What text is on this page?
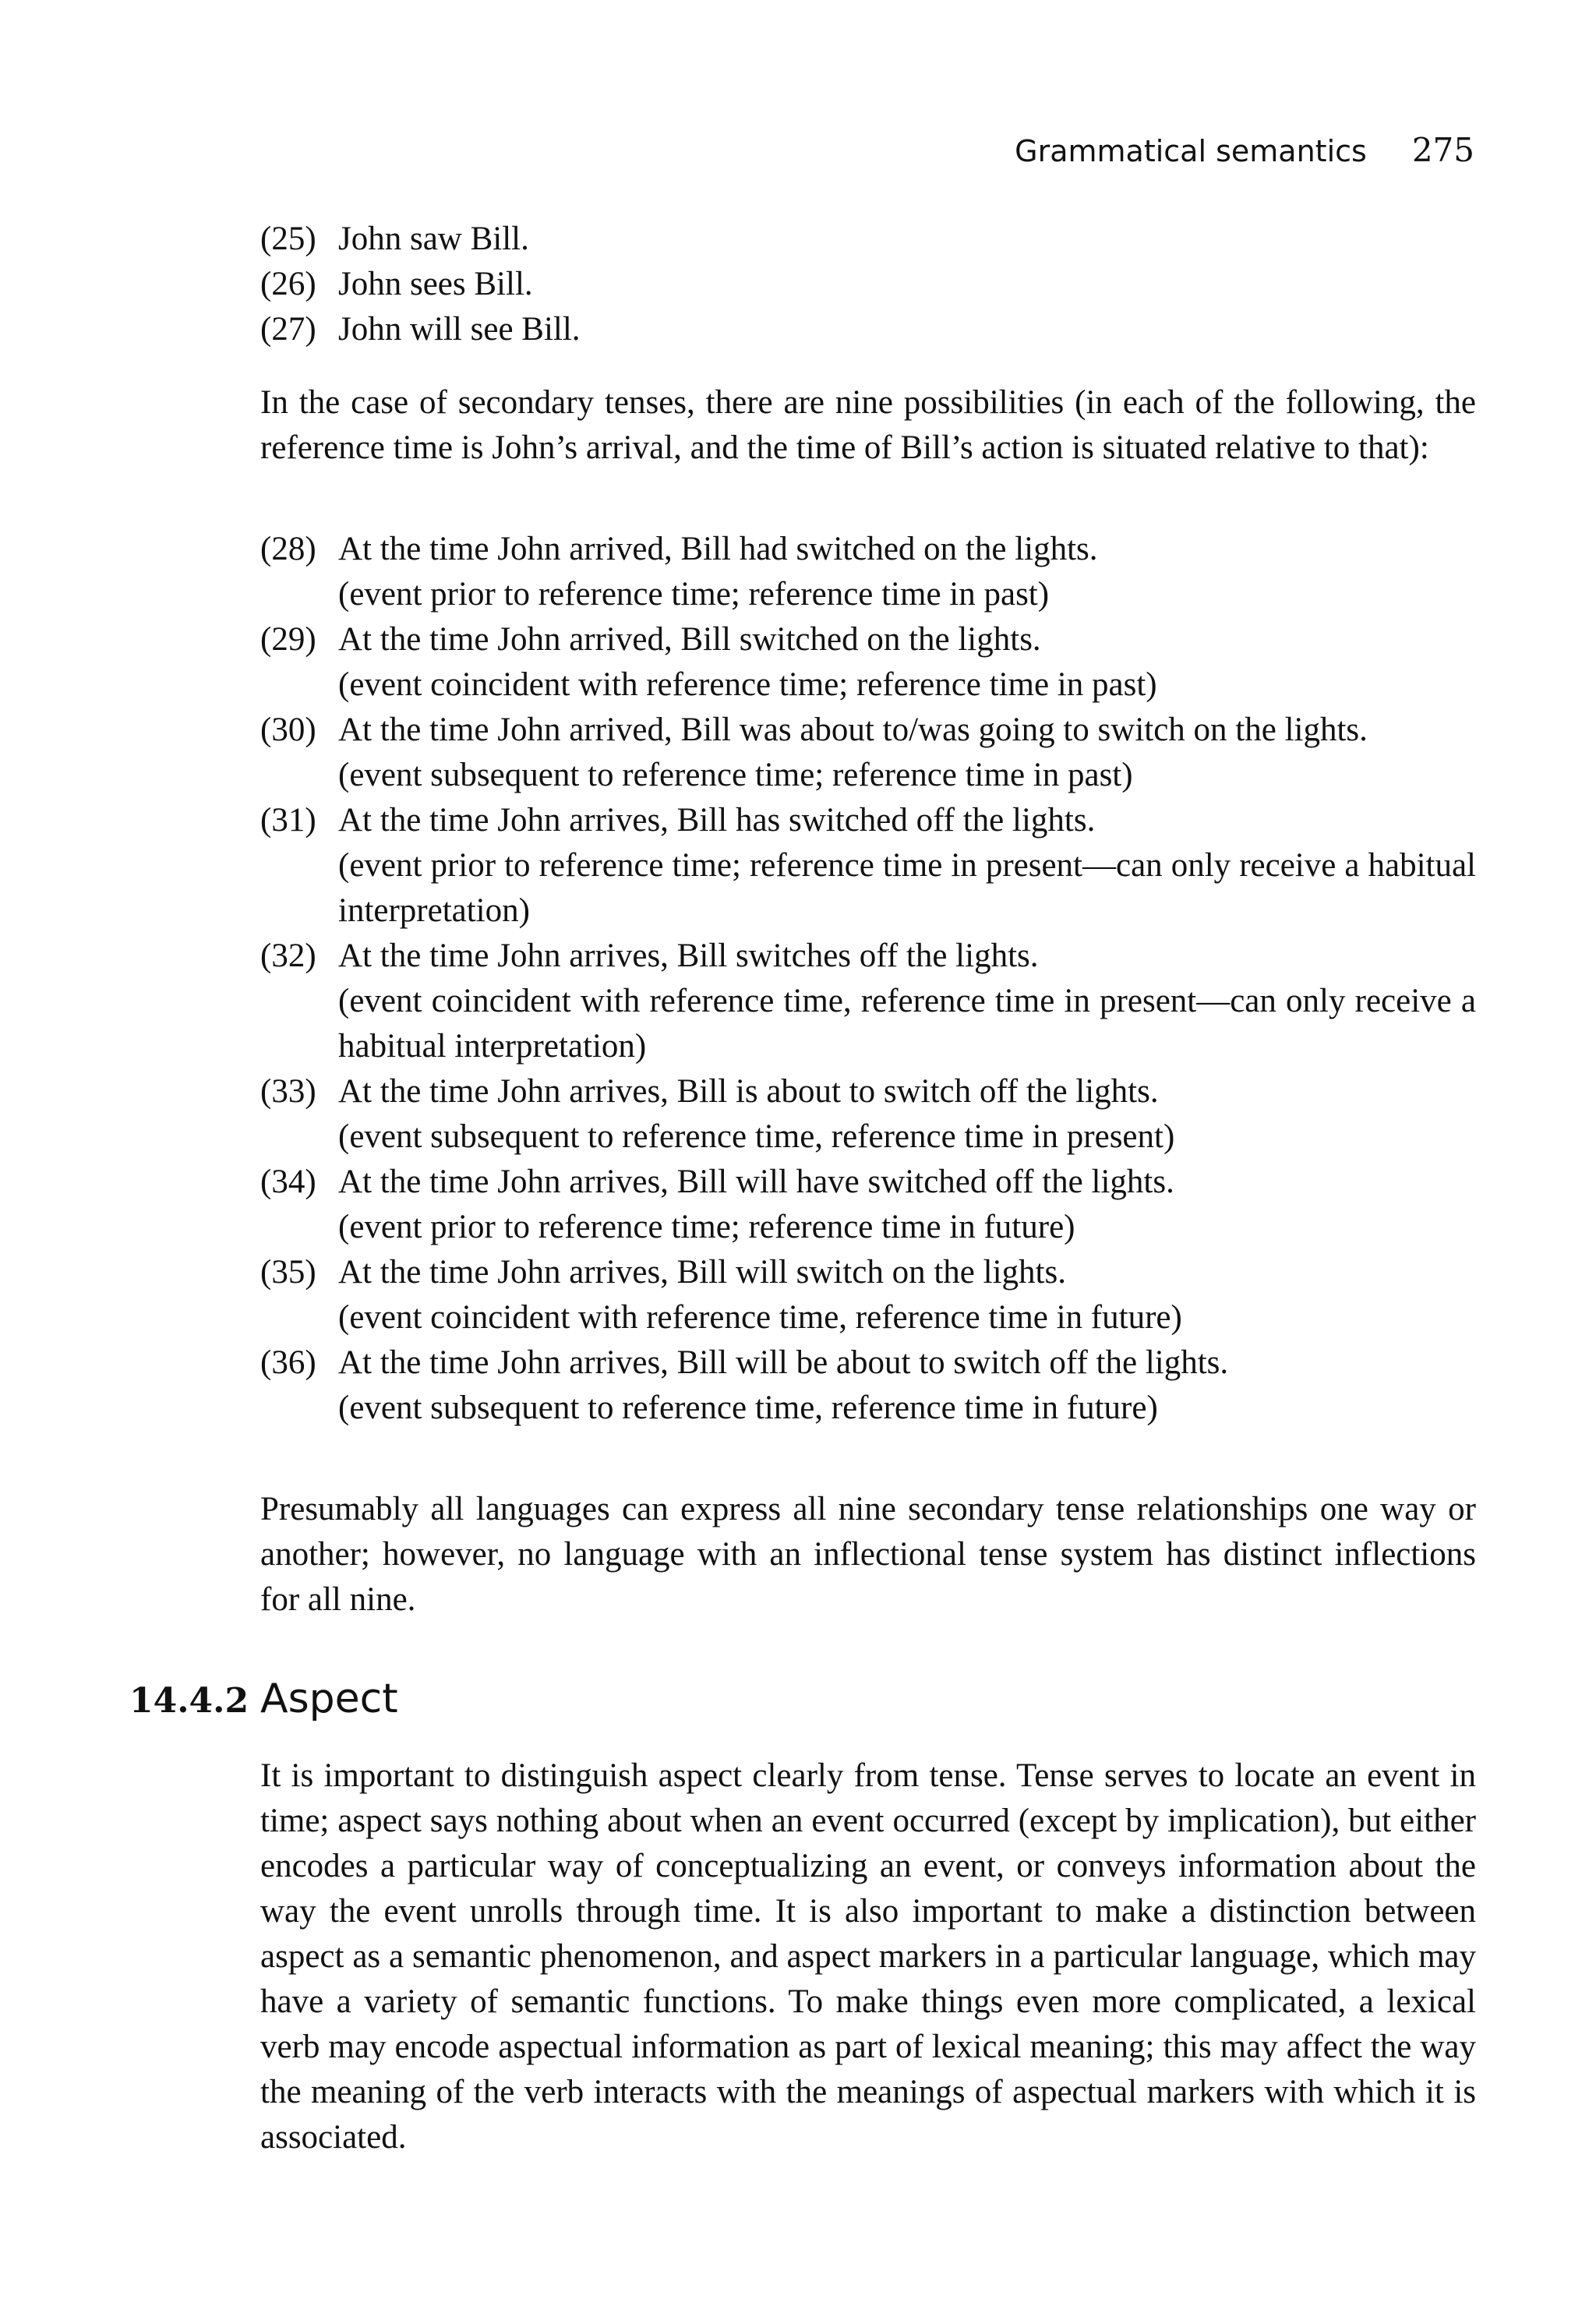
Grammatical semantics 275
(25) John saw Bill.
(26) John sees Bill.
(27) John will see Bill.

In the case of secondary tenses, there are nine possibilities (in each of the following, the reference time is John’s arrival, and the time of Bill’s action is situated relative to that):

(28) At the time John arrived, Bill had switched on the lights.
(event prior to reference time; reference time in past)
(29) At the time John arrived, Bill switched on the lights.
(event coincident with reference time; reference time in past)
(30) At the time John arrived, Bill was about to/was going to switch on the lights.
(event subsequent to reference time; reference time in past)
(31) At the time John arrives, Bill has switched off the lights.
(event prior to reference time; reference time in present—can only receive a habitual interpretation)
(32) At the time John arrives, Bill switches off the lights.
(event coincident with reference time, reference time in present—can only receive a habitual interpretation)
(33) At the time John arrives, Bill is about to switch off the lights.
(event subsequent to reference time, reference time in present)
(34) At the time John arrives, Bill will have switched off the lights.
(event prior to reference time; reference time in future)
(35) At the time John arrives, Bill will switch on the lights.
(event coincident with reference time, reference time in future)
(36) At the time John arrives, Bill will be about to switch off the lights.
(event subsequent to reference time, reference time in future)

Presumably all languages can express all nine secondary tense relationships one way or another; however, no language with an inflectional tense system has distinct inflections for all nine.

14.4.2 Aspect

It is important to distinguish aspect clearly from tense. Tense serves to locate an event in time; aspect says nothing about when an event occurred (except by implication), but either encodes a particular way of conceptualizing an event, or conveys information about the way the event unrolls through time. It is also important to make a distinction between aspect as a semantic phenomenon, and aspect markers in a particular language, which may have a variety of semantic functions. To make things even more complicated, a lexical verb may encode aspectual information as part of lexical meaning; this may affect the way the meaning of the verb interacts with the meanings of aspectual markers with which it is associated.
